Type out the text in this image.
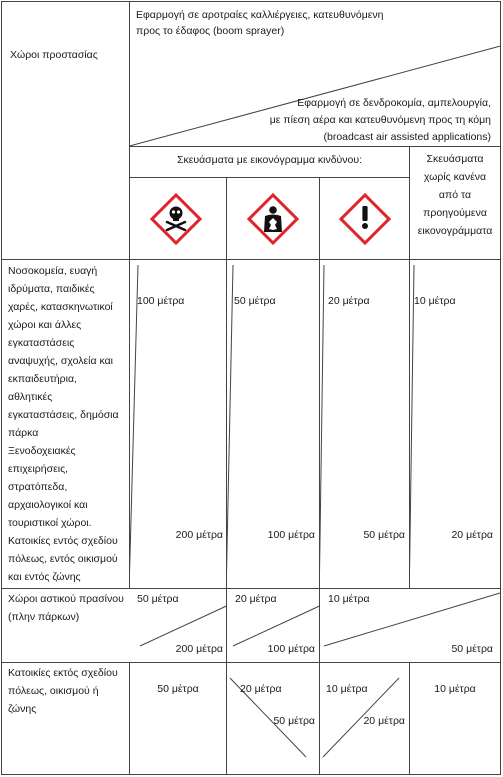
Χώροι προστασίας
Εφαρμογή σε αροτραίες καλλιέργειες, κατευθυνόμενη
προς το έδαφος (boom sprayer)
Εφαρμογή σε δενδροκομία, αμπελουργία,
με πίεση αέρα και κατευθυνόμενη προς τη κόμη
(broadcast air assisted applications)
Σκευάσματα με εικονόγραμμα κινδύνου:	Σκευάσματα
χωρίς κανένα
από τα
προηγούμενα
εικονογράμματα
Νοσοκομεία, ευαγή
ιδρύματα, παιδικές
χαρές, κατασκηνωτικοί
χώροι και άλλες
εγκαταστάσεις
αναψυχής, σχολεία και
εκπαιδευτήρια,
αθλητικές
εγκαταστάσεις, δημόσια
πάρκα
Ξενοδοχειακές
επιχειρήσεις,
στρατόπεδα,
αρχαιολογικοί και
τουριστικοί χώροι.
Κατοικίες εντός σχεδίου
πόλεως, εντός οικισμού
και εντός ζώνης
100 μέτρα
200 μέτρα
50 μέτρα
100 μέτρα
20 μέτρα
50 μέτρα
10 μέτρα
20 μέτρα
Χώροι αστικού πρασίνου
(πλην πάρκων)
50 μέτρα
200 μέτρα
20 μέτρα
100 μέτρα
10 μέτρα
50 μέτρα
Κατοικίες εκτός σχεδίου
πόλεως, οικισμού ή
ζώνης
50 μέτρα	20 μέτρα
50 μέτρα
10 μέτρα
20 μέτρα
10 μέτρα
